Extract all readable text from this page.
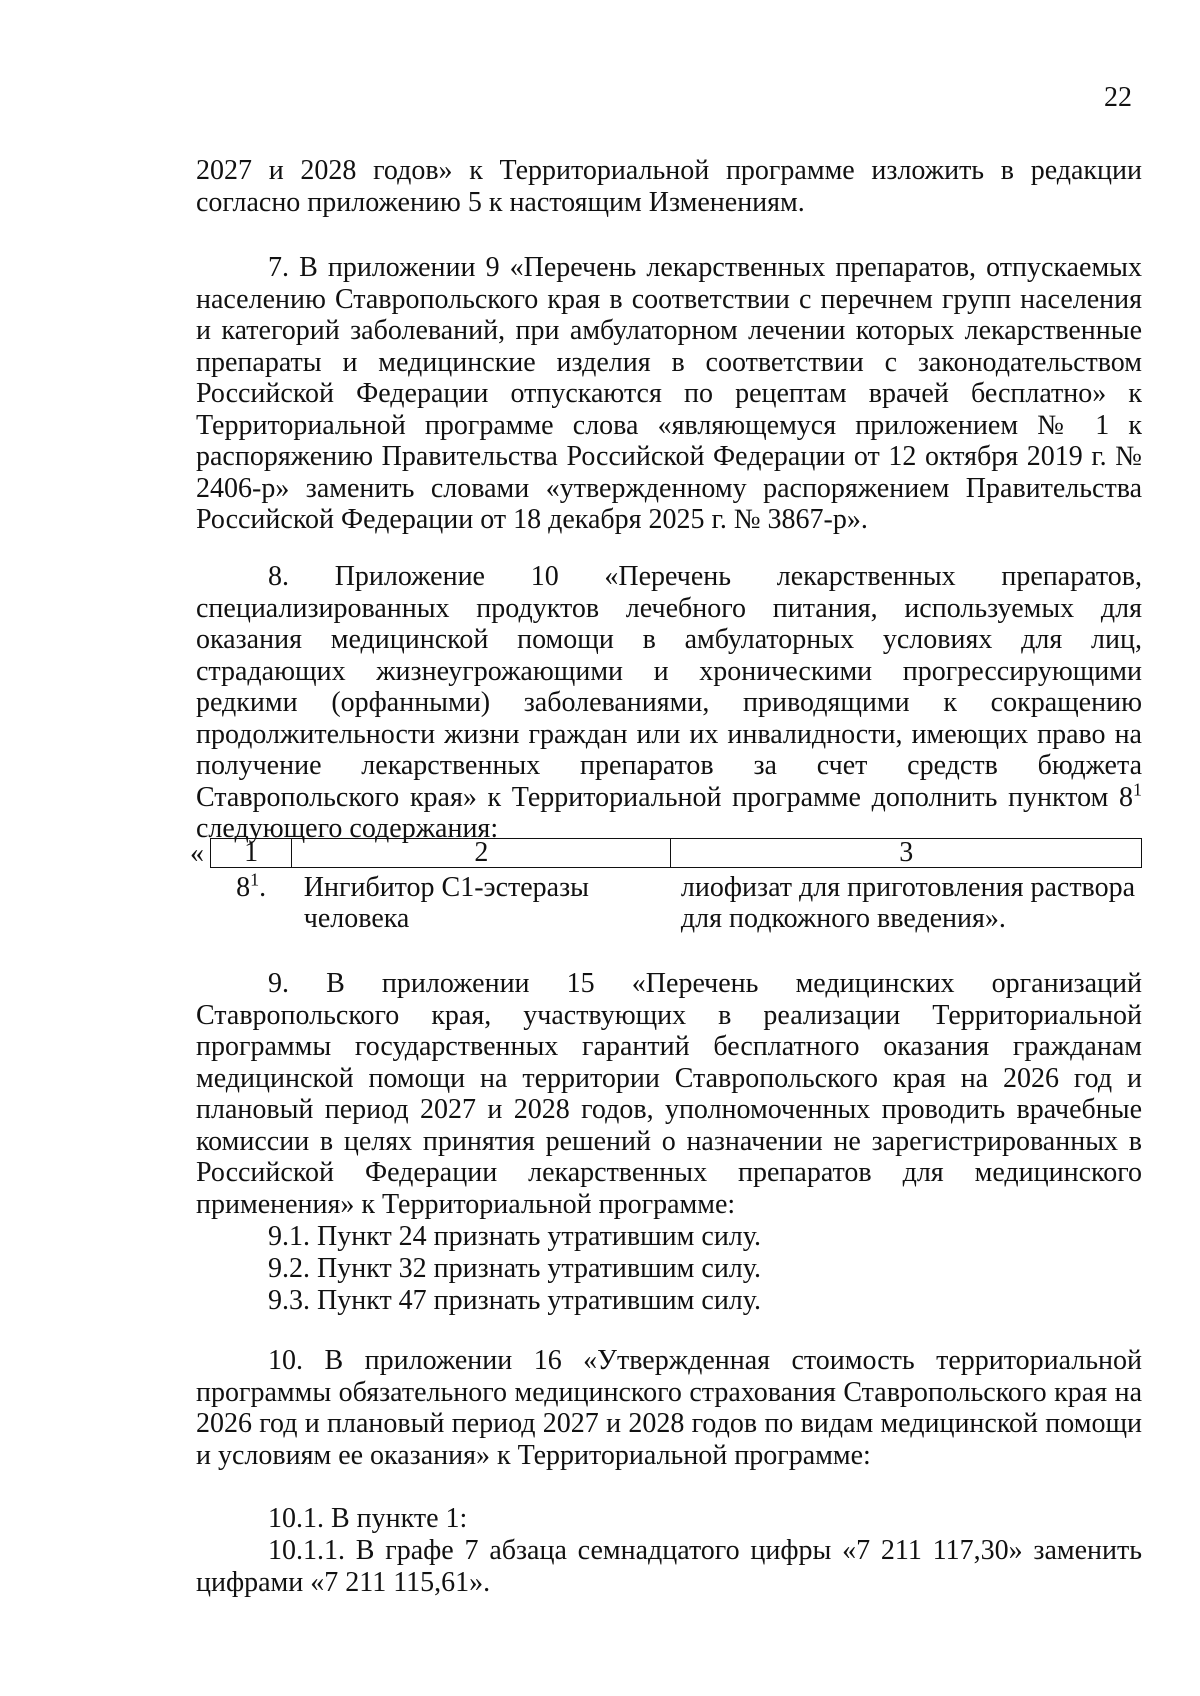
22

2027 и 2028 годов» к Территориальной программе изложить в редакции согласно приложению 5 к настоящим Изменениям.

7. В приложении 9 «Перечень лекарственных препаратов, отпускаемых населению Ставропольского края в соответствии с перечнем групп населения и категорий заболеваний, при амбулаторном лечении которых лекарственные препараты и медицинские изделия в соответствии с законодательством Российской Федерации отпускаются по рецептам врачей бесплатно» к Территориальной программе слова «являющемуся приложением № 1 к распоряжению Правительства Российской Федерации от 12 октября 2019 г. № 2406-р» заменить словами «утвержденному распоряжением Правительства Российской Федерации от 18 декабря 2025 г. № 3867-р».

8. Приложение 10 «Перечень лекарственных препаратов, специализированных продуктов лечебного питания, используемых для оказания медицинской помощи в амбулаторных условиях для лиц, страдающих жизнеугрожающими и хроническими прогрессирующими редкими (орфанными) заболеваниями, приводящими к сокращению продолжительности жизни граждан или их инвалидности, имеющих право на получение лекарственных препаратов за счет средств бюджета Ставропольского края» к Территориальной программе дополнить пунктом $8^1$ следующего содержания:

« 1	2	3
$8^1$.	Ингибитор С1-эстеразы человека	лиофизат для приготовления раствора для подкожного введения».

9. В приложении 15 «Перечень медицинских организаций Ставропольского края, участвующих в реализации Территориальной программы государственных гарантий бесплатного оказания гражданам медицинской помощи на территории Ставропольского края на 2026 год и плановый период 2027 и 2028 годов, уполномоченных проводить врачебные комиссии в целях принятия решений о назначении не зарегистрированных в Российской Федерации лекарственных препаратов для медицинского применения» к Территориальной программе:

9.1. Пункт 24 признать утратившим силу.

9.2. Пункт 32 признать утратившим силу.

9.3. Пункт 47 признать утратившим силу.

10. В приложении 16 «Утвержденная стоимость территориальной программы обязательного медицинского страхования Ставропольского края на 2026 год и плановый период 2027 и 2028 годов по видам медицинской помощи и условиям ее оказания» к Территориальной программе:

10.1. В пункте 1:

10.1.1. В графе 7 абзаца семнадцатого цифры «7 211 117,30» заменить цифрами «7 211 115,61».
